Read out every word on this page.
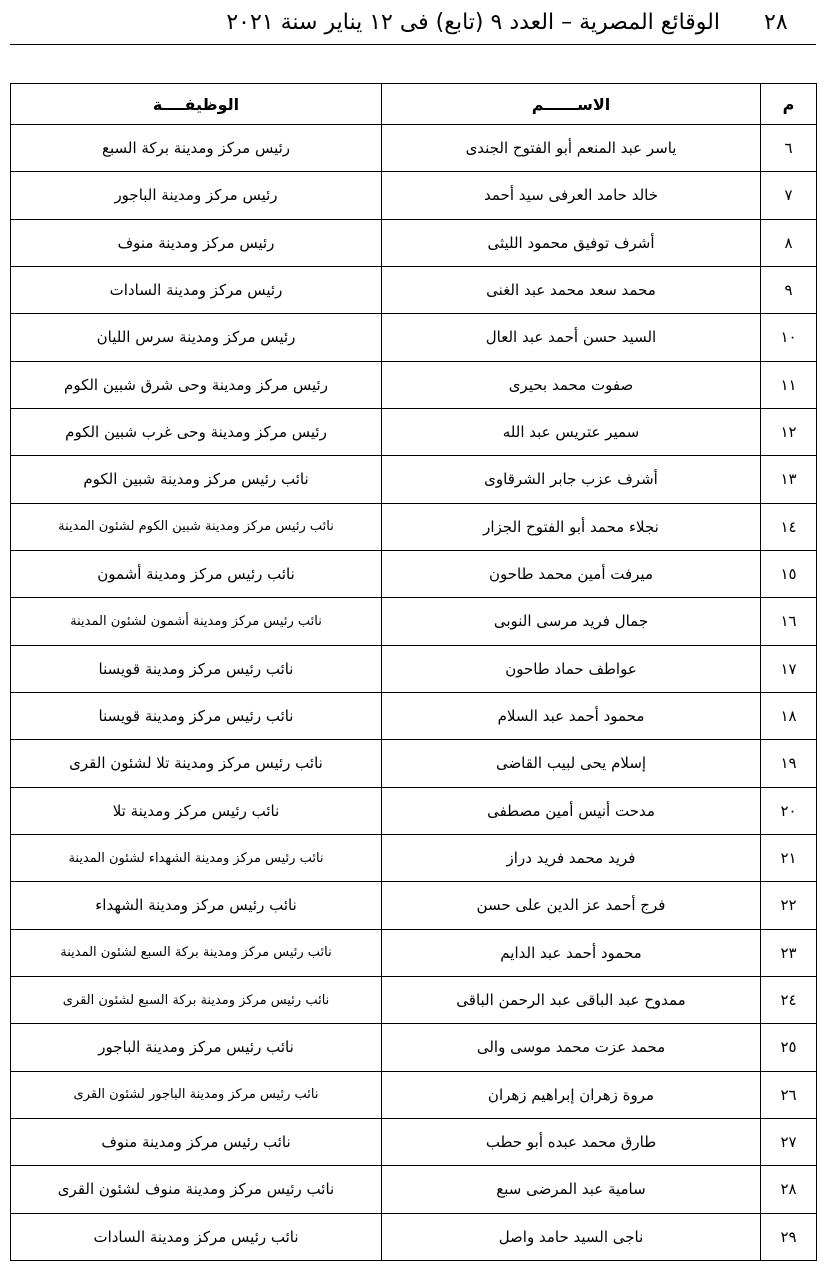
٢٨
الوقائع المصرية – العدد ٩ (تابع) فى ١٢ يناير سنة ٢٠٢١
م	الاســــــم	الوظيفــــة
٦	ياسر عبد المنعم أبو الفتوح الجندى	رئيس مركز ومدينة بركة السبع
٧	خالد حامد العرفى سيد أحمد	رئيس مركز ومدينة الباجور
٨	أشرف توفيق محمود الليثى	رئيس مركز ومدينة منوف
٩	محمد سعد محمد عبد الغنى	رئيس مركز ومدينة السادات
١٠	السيد حسن أحمد عبد العال	رئيس مركز ومدينة سرس الليان
١١	صفوت محمد بحيرى	رئيس مركز ومدينة وحى شرق شبين الكوم
١٢	سمير عتريس عبد الله	رئيس مركز ومدينة وحى غرب شبين الكوم
١٣	أشرف عزب جابر الشرقاوى	نائب رئيس مركز ومدينة شبين الكوم
١٤	نجلاء محمد أبو الفتوح الجزار	نائب رئيس مركز ومدينة شبين الكوم لشئون المدينة
١٥	ميرفت أمين محمد طاحون	نائب رئيس مركز ومدينة أشمون
١٦	جمال فريد مرسى النوبى	نائب رئيس مركز ومدينة أشمون لشئون المدينة
١٧	عواطف حماد طاحون	نائب رئيس مركز ومدينة قويسنا
١٨	محمود أحمد عبد السلام	نائب رئيس مركز ومدينة قويسنا
١٩	إسلام يحى لبيب القاضى	نائب رئيس مركز ومدينة تلا لشئون القرى
٢٠	مدحت أنيس أمين مصطفى	نائب رئيس مركز ومدينة تلا
٢١	فريد محمد فريد دراز	نائب رئيس مركز ومدينة الشهداء لشئون المدينة
٢٢	فرج أحمد عز الدين على حسن	نائب رئيس مركز ومدينة الشهداء
٢٣	محمود أحمد عبد الدايم	نائب رئيس مركز ومدينة بركة السبع لشئون المدينة
٢٤	ممدوح عبد الباقى عبد الرحمن الباقى	نائب رئيس مركز ومدينة بركة السبع لشئون القرى
٢٥	محمد عزت محمد موسى والى	نائب رئيس مركز ومدينة الباجور
٢٦	مروة زهران إبراهيم زهران	نائب رئيس مركز ومدينة الباجور لشئون القرى
٢٧	طارق محمد عبده أبو حطب	نائب رئيس مركز ومدينة منوف
٢٨	سامية عبد المرضى سبع	نائب رئيس مركز ومدينة منوف لشئون القرى
٢٩	ناجى السيد حامد واصل	نائب رئيس مركز ومدينة السادات
